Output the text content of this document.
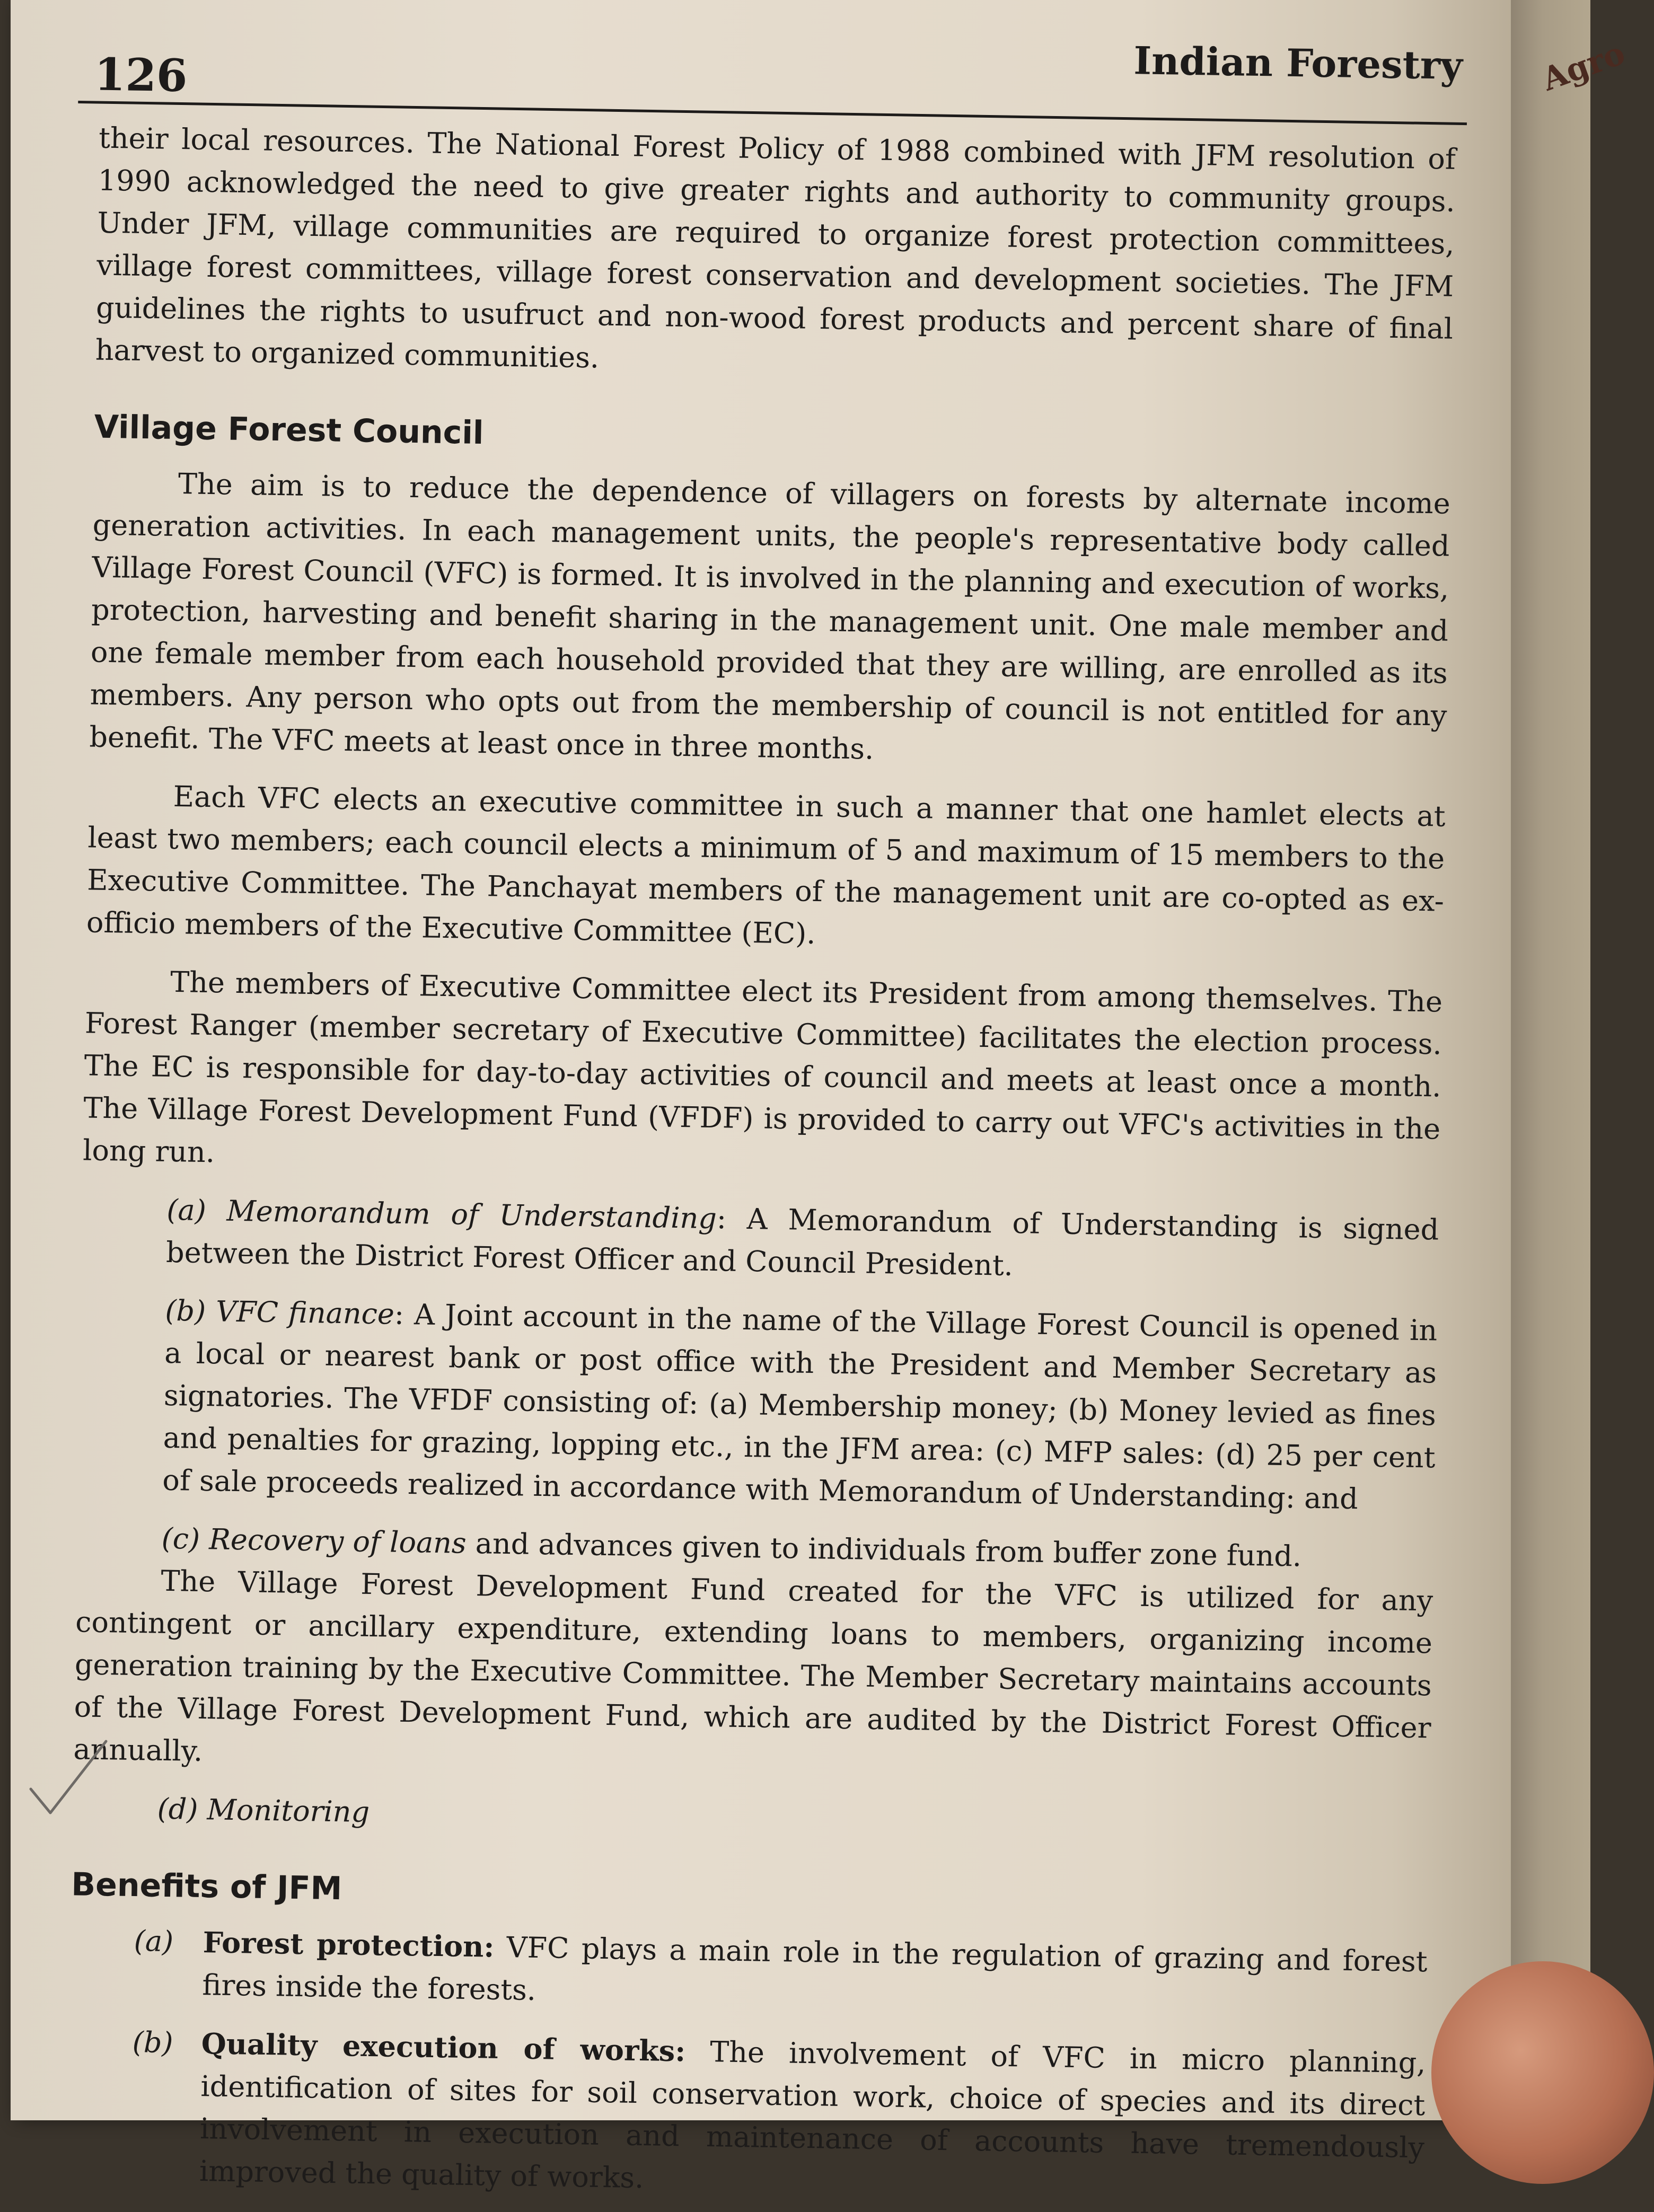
126	Indian Forestry

their local resources. The National Forest Policy of 1988 combined with JFM resolution of 1990 acknowledged the need to give greater rights and authority to community groups. Under JFM, village communities are required to organize forest protection committees, village forest committees, village forest conservation and development societies. The JFM guidelines the rights to usufruct and non-wood forest products and percent share of final harvest to organized communities.

Village Forest Council

The aim is to reduce the dependence of villagers on forests by alternate income generation activities. In each management units, the people's representative body called Village Forest Council (VFC) is formed. It is involved in the planning and execution of works, protection, harvesting and benefit sharing in the management unit. One male member and one female member from each household provided that they are willing, are enrolled as its members. Any person who opts out from the membership of council is not entitled for any benefit. The VFC meets at least once in three months.

Each VFC elects an executive committee in such a manner that one hamlet elects at least two members; each council elects a minimum of 5 and maximum of 15 members to the Executive Committee. The Panchayat members of the management unit are co-opted as ex-officio members of the Executive Committee (EC).

The members of Executive Committee elect its President from among themselves. The Forest Ranger (member secretary of Executive Committee) facilitates the election process. The EC is responsible for day-to-day activities of council and meets at least once a month. The Village Forest Development Fund (VFDF) is provided to carry out VFC's activities in the long run.

(a) Memorandum of Understanding: A Memorandum of Understanding is signed between the District Forest Officer and Council President.

(b) VFC finance: A Joint account in the name of the Village Forest Council is opened in a local or nearest bank or post office with the President and Member Secretary as signatories. The VFDF consisting of: (a) Membership money; (b) Money levied as fines and penalties for grazing, lopping etc., in the JFM area: (c) MFP sales: (d) 25 per cent of sale proceeds realized in accordance with Memorandum of Understanding: and

(c) Recovery of loans and advances given to individuals from buffer zone fund.

The Village Forest Development Fund created for the VFC is utilized for any contingent or ancillary expenditure, extending loans to members, organizing income generation training by the Executive Committee. The Member Secretary maintains accounts of the Village Forest Development Fund, which are audited by the District Forest Officer annually.

(d) Monitoring

Benefits of JFM
(a)	Forest protection: VFC plays a main role in the regulation of grazing and forest fires inside the forests.
(b) Quality execution of works: The involvement of VFC in micro planning, identification of sites for soil conservation work, choice of species and its direct involvement in execution and maintenance of accounts have tremendously improved the quality of works.
Agro
